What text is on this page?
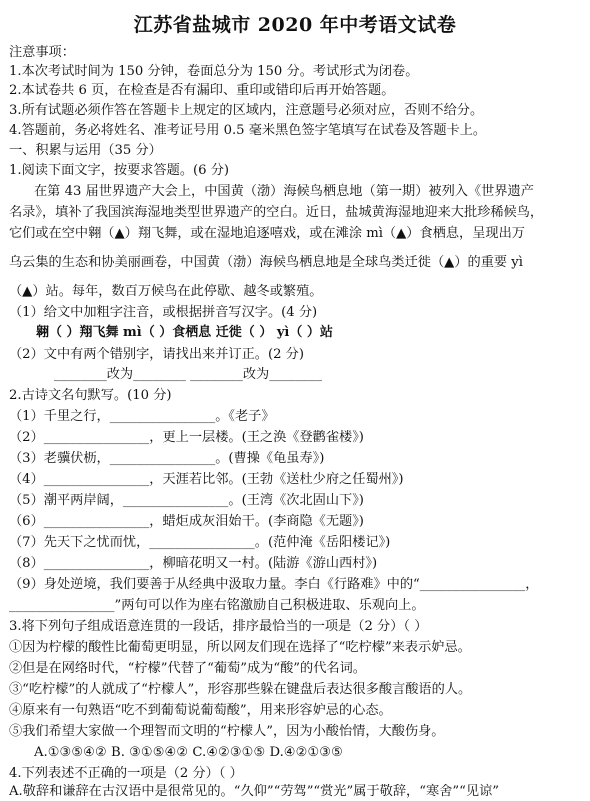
江苏省盐城市 2020 年中考语文试卷
注意事项：
1.本次考试时间为 150 分钟，卷面总分为 150 分。考试形式为闭卷。
2.本试卷共 6 页，在检查是否有漏印、重印或错印后再开始答题。
3.所有试题必须作答在答题卡上规定的区域内，注意题号必须对应，否则不给分。
4.答题前，务必将姓名、准考证号用 0.5 毫米黑色签字笔填写在试卷及答题卡上。
一、积累与运用（35 分）
1.阅读下面文字，按要求答题。(6 分)
在第 43 届世界遗产大会上，中国黄（渤）海候鸟栖息地（第一期）被列入《世界遗产
名录》，填补了我国滨海湿地类型世界遗产的空白。近日，盐城黄海湿地迎来大批珍稀候鸟，
它们或在空中翱（▲）翔飞舞，或在湿地追逐嘻戏，或在滩涂 mì（▲）食栖息，呈现出万
乌云集的生态和协美丽画卷，中国黄（渤）海候鸟栖息地是全球鸟类迁徙（▲）的重要 yì
（▲）站。每年，数百万候鸟在此停歇、越冬或繁殖。
（1）给文中加粗字注音，或根据拼音写汉字。(4 分)
翱（ ）翔飞舞 mì（ ）食栖息 迁徙（ ） yì（ ）站
（2）文中有两个错别字，请找出来并订正。(2 分)
________改为________ ________改为________
2.古诗文名句默写。(10 分)
（1）千里之行，________________。《老子》
（2）________________，更上一层楼。(王之涣《登鹳雀楼》)
（3）老骥伏枥，________________。(曹操《龟虽寿》)
（4）________________，天涯若比邻。(王勃《送杜少府之任蜀州》)
（5）潮平两岸阔，________________。(王湾《次北固山下》)
（6）________________，蜡炬成灰泪始干。(李商隐《无题》)
（7）先天下之忧而忧，________________。(范仲淹《岳阳楼记》)
（8）________________，柳暗花明又一村。(陆游《游山西村》)
（9）身处逆境，我们要善于从经典中汲取力量。李白《行路难》中的“________________，
________________”两句可以作为座右铭激励自己积极进取、乐观向上。
3.将下列句子组成语意连贯的一段话，排序最恰当的一项是（2 分）（ ）
①因为柠檬的酸性比葡萄更明显，所以网友们现在选择了“吃柠檬”来表示妒忌。
②但是在网络时代，“柠檬”代替了“葡萄”成为“酸”的代名词。
③“吃柠檬”的人就成了“柠檬人”，形容那些躲在键盘后表达很多酸言酸语的人。
④原来有一句熟语“吃不到葡萄说葡萄酸”，用来形容妒忌的心态。
⑤我们希望大家做一个理智而文明的“柠檬人”，因为小酸怡情，大酸伤身。
A.①③⑤④② B. ③①⑤④② C.④②③①⑤ D.④②①③⑤
4.下列表述不正确的一项是（2 分）（ ）
A.敬辞和谦辞在古汉语中是很常见的。“久仰”“劳驾”“赏光”属于敬辞，“寒舍”“见谅”
